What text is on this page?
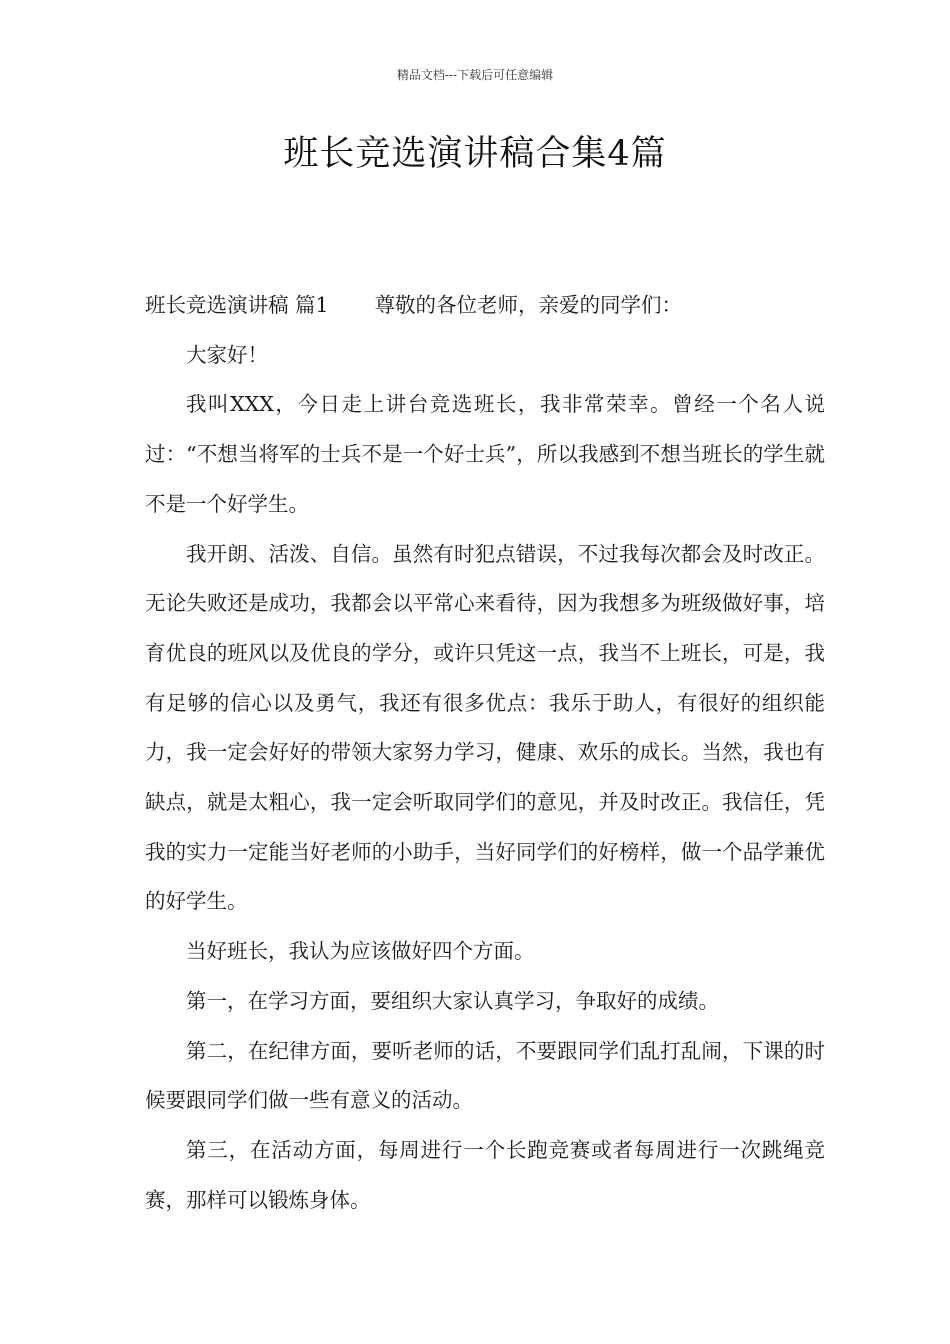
精品文档---下载后可任意编辑
班长竞选演讲稿合集4篇

班长竞选演讲稿 篇1 尊敬的各位老师，亲爱的同学们：

大家好！

我叫XXX，今日走上讲台竞选班长，我非常荣幸。曾经一个名人说过：“不想当将军的士兵不是一个好士兵”，所以我感到不想当班长的学生就不是一个好学生。

我开朗、活泼、自信。虽然有时犯点错误，不过我每次都会及时改正。无论失败还是成功，我都会以平常心来看待，因为我想多为班级做好事，培育优良的班风以及优良的学分，或许只凭这一点，我当不上班长，可是，我有足够的信心以及勇气，我还有很多优点：我乐于助人，有很好的组织能力，我一定会好好的带领大家努力学习，健康、欢乐的成长。当然，我也有缺点，就是太粗心，我一定会听取同学们的意见，并及时改正。我信任，凭我的实力一定能当好老师的小助手，当好同学们的好榜样，做一个品学兼优的好学生。

当好班长，我认为应该做好四个方面。

第一，在学习方面，要组织大家认真学习，争取好的成绩。

第二，在纪律方面，要听老师的话，不要跟同学们乱打乱闹，下课的时候要跟同学们做一些有意义的活动。

第三，在活动方面，每周进行一个长跑竞赛或者每周进行一次跳绳竞赛，那样可以锻炼身体。
